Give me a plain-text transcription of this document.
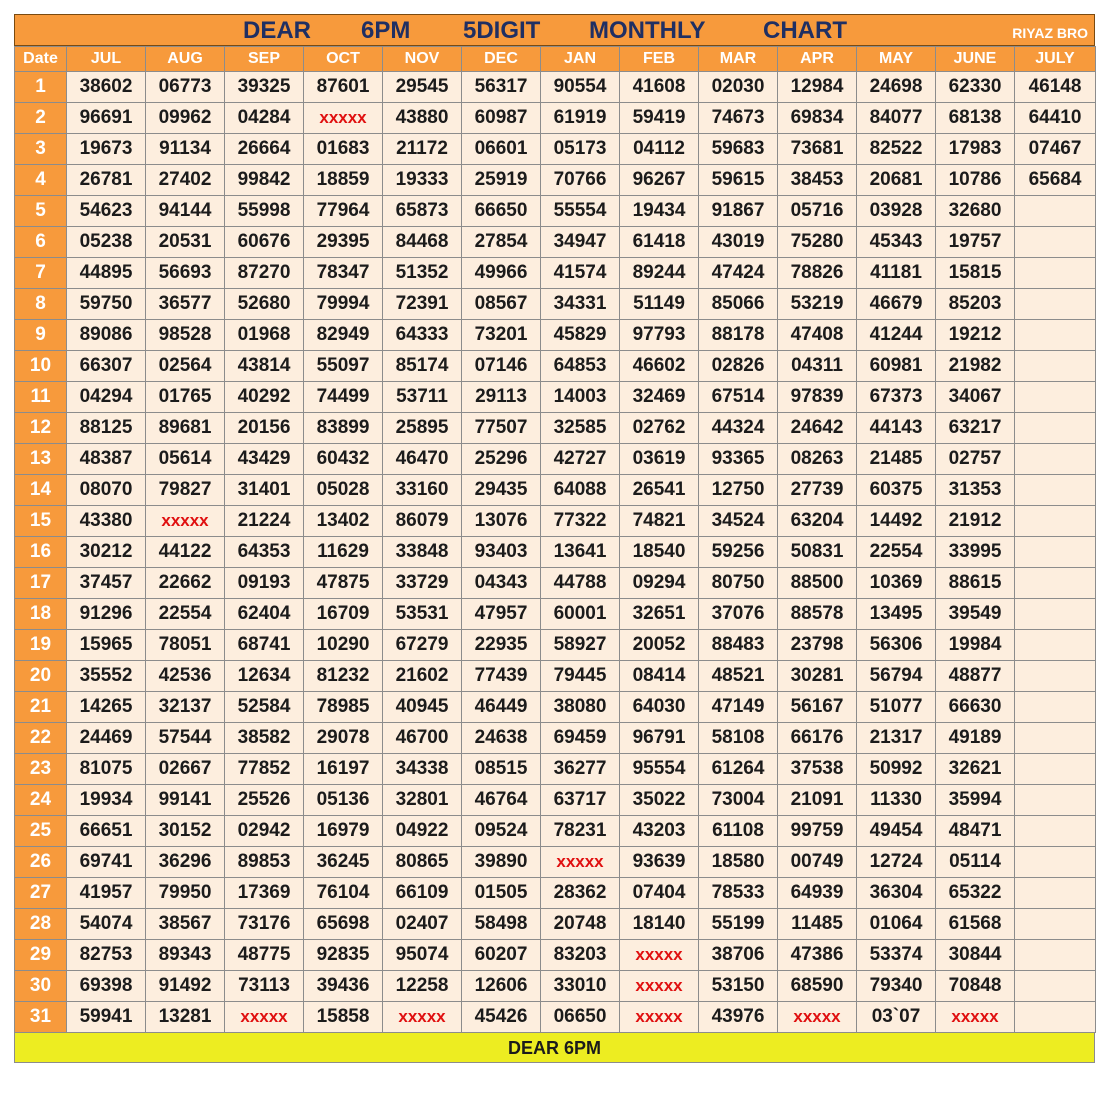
DEAR 6PM 5DIGIT MONTHLY CHART	RIYAZ BRO
Date	JUL	AUG	SEP	OCT	NOV	DEC	JAN	FEB	MAR	APR	MAY	JUNE	JULY
1	38602	06773	39325	87601	29545	56317	90554	41608	02030	12984	24698	62330	46148
2	96691	09962	04284	xxxxx	43880	60987	61919	59419	74673	69834	84077	68138	64410
3	19673	91134	26664	01683	21172	06601	05173	04112	59683	73681	82522	17983	07467
4	26781	27402	99842	18859	19333	25919	70766	96267	59615	38453	20681	10786	65684
5	54623	94144	55998	77964	65873	66650	55554	19434	91867	05716	03928	32680	
6	05238	20531	60676	29395	84468	27854	34947	61418	43019	75280	45343	19757	
7	44895	56693	87270	78347	51352	49966	41574	89244	47424	78826	41181	15815	
8	59750	36577	52680	79994	72391	08567	34331	51149	85066	53219	46679	85203	
9	89086	98528	01968	82949	64333	73201	45829	97793	88178	47408	41244	19212	
10	66307	02564	43814	55097	85174	07146	64853	46602	02826	04311	60981	21982	
11	04294	01765	40292	74499	53711	29113	14003	32469	67514	97839	67373	34067	
12	88125	89681	20156	83899	25895	77507	32585	02762	44324	24642	44143	63217	
13	48387	05614	43429	60432	46470	25296	42727	03619	93365	08263	21485	02757	
14	08070	79827	31401	05028	33160	29435	64088	26541	12750	27739	60375	31353	
15	43380	xxxxx	21224	13402	86079	13076	77322	74821	34524	63204	14492	21912	
16	30212	44122	64353	11629	33848	93403	13641	18540	59256	50831	22554	33995	
17	37457	22662	09193	47875	33729	04343	44788	09294	80750	88500	10369	88615	
18	91296	22554	62404	16709	53531	47957	60001	32651	37076	88578	13495	39549	
19	15965	78051	68741	10290	67279	22935	58927	20052	88483	23798	56306	19984	
20	35552	42536	12634	81232	21602	77439	79445	08414	48521	30281	56794	48877	
21	14265	32137	52584	78985	40945	46449	38080	64030	47149	56167	51077	66630	
22	24469	57544	38582	29078	46700	24638	69459	96791	58108	66176	21317	49189	
23	81075	02667	77852	16197	34338	08515	36277	95554	61264	37538	50992	32621	
24	19934	99141	25526	05136	32801	46764	63717	35022	73004	21091	11330	35994	
25	66651	30152	02942	16979	04922	09524	78231	43203	61108	99759	49454	48471	
26	69741	36296	89853	36245	80865	39890	xxxxx	93639	18580	00749	12724	05114	
27	41957	79950	17369	76104	66109	01505	28362	07404	78533	64939	36304	65322	
28	54074	38567	73176	65698	02407	58498	20748	18140	55199	11485	01064	61568	
29	82753	89343	48775	92835	95074	60207	83203	xxxxx	38706	47386	53374	30844	
30	69398	91492	73113	39436	12258	12606	33010	xxxxx	53150	68590	79340	70848	
31	59941	13281	xxxxx	15858	xxxxx	45426	06650	xxxxx	43976	xxxxx	03`07	xxxxx	
DEAR 6PM
